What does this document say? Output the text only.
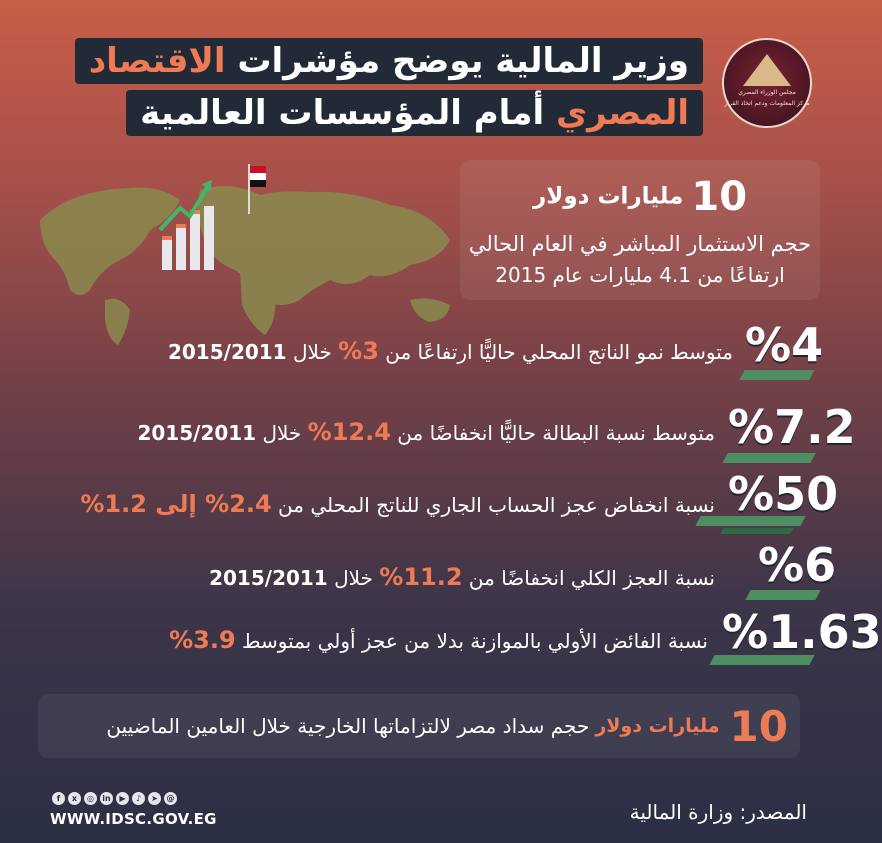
وزير المالية يوضح مؤشرات

الاقتصاد
المصري

أمام المؤسسات العالمية
مجلس الوزراء المصري
مركز المعلومات ودعم اتخاذ القرار
10 مليارات دولار
حجم الاستثمار المباشر في العام الحالي
ارتفاعًا من 4.1 مليارات عام 2015
%4
متوسط نمو الناتج المحلي حاليًّا ارتفاعًا من 3% خلال 2015/2011
%7.2
متوسط نسبة البطالة حاليًّا انخفاضًا من 12.4% خلال 2015/2011
%50
نسبة انخفاض عجز الحساب الجاري للناتج المحلي من 2.4% إلى 1.2%
%6
نسبة العجز الكلي انخفاضًا من 11.2% خلال 2015/2011
%1.63
نسبة الفائض الأولي بالموازنة بدلا من عجز أولي بمتوسط 3.9%
10
مليارات دولار
حجم سداد مصر لالتزاماتها الخارجية خلال العامين الماضيين
f	x	◎	in	▶	♪	➤	@
WWW.IDSC.GOV.EG	المصدر: وزارة المالية
